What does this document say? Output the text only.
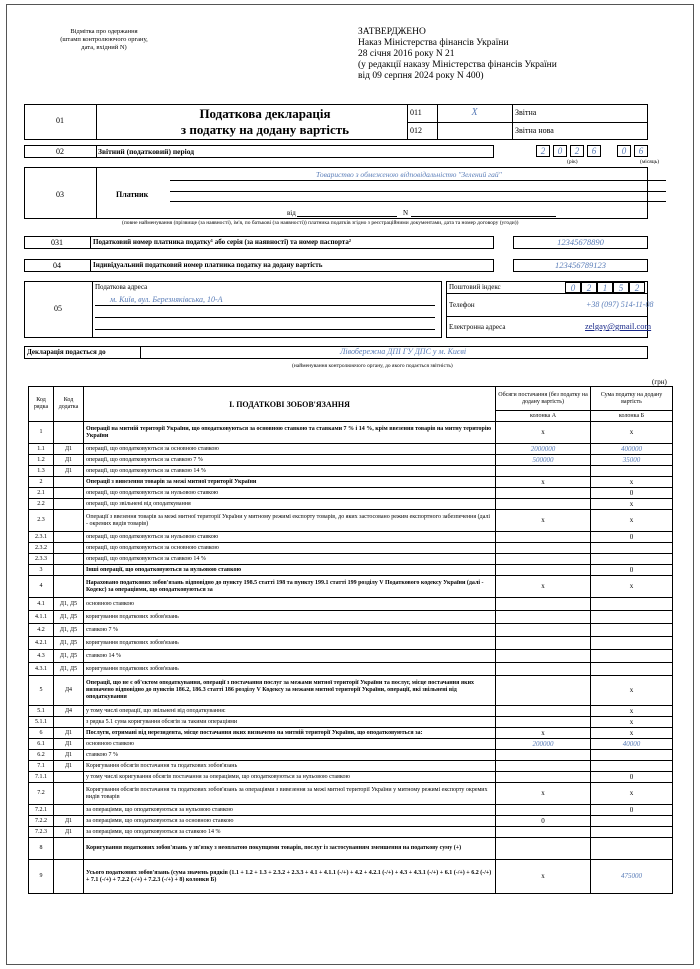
Відмітка про одержання
(штамп контролюючого органу,
дата, вхідний N)
ЗАТВЕРДЖЕНО
Наказ Міністерства фінансів України
28 січня 2016 року N 21
(у редакції наказу Міністерства фінансів України
від 09 серпня 2024 року N 400)
01	Податкова декларація
з податку на додану вартість
011	X	Звітна
012	Звітна нова
02	Звітний (податковий) період	2	0	2	6
(рік)
0	6
(місяць)
03	Платник
Товариство з обмеженою відповідальністю "Зелений гай"
від	N
(повне найменування (прізвище (за наявності), ім'я, по батькові (за наявності)) платника податків згідно з реєстраційними документами, дата та номер договору (угоди))
031	Податковий номер платника податку¹ або серія (за наявності) та номер паспорта²	12345678890
04	Індивідуальний податковий номер платника податку на додану вартість	123456789123
05
Податкова адреса
м. Київ, вул. Березняківська, 10-А
Поштовий індекс	0	2	1	5	2
Телефон	+38 (097) 514-11-08
Електронна адреса	zelgay@gmail.com
Декларація подається до	Лівобережна ДПІ ГУ ДПС у м. Києві
(найменування контролюючого органу, до якого подається звітність)
(грн)
Код рядка	Код додатка	I. ПОДАТКОВІ ЗОБОВ'ЯЗАННЯ	Обсяги постачання (без податку на додану вартість)	Сума податку на додану вартість
			колонка А	колонка Б
1		Операції на митній території України, що оподатковуються за основною ставкою та ставками 7 % і 14 %, крім ввезення товарів на митну територію України	x	x
1.1	Д1	операції, що оподатковуються за основною ставкою	2000000	400000
1.2	Д1	операції, що оподатковуються за ставкою 7 %	500000	35000
1.3	Д1	операції, що оподатковуються за ставкою 14 %		
2		Операції з вивезення товарів за межі митної території України	x	x
2.1		операції, що оподатковуються за нульовою ставкою		0
2.2		операції, що звільнені від оподаткування		x
2.3		Операції з ввезення товарів за межі митної території України у митному режимі експорту товарів, до яких застосовано режим експортного забезпечення (далі - окремих видів товарів)	x	x
2.3.1		операції, що оподатковуються за нульовою ставкою		0
2.3.2		операції, що оподатковуються за основною ставкою		
2.3.3		операції, що оподатковуються за ставкою 14 %		
3		Інші операції, що оподатковуються за нульовою ставкою		0
4		Нараховано податкових зобов'язань відповідно до пункту 198.5 статті 198 та пункту 199.1 статті 199 розділу V Податкового кодексу України (далі - Кодекс) за операціями, що оподатковуються за	x	x
4.1	Д1, Д5	основною ставкою		
4.1.1	Д1, Д5	коригування податкових зобов'язань		
4.2	Д1, Д5	ставкою 7 %		
4.2.1	Д1, Д5	коригування податкових зобов'язань		
4.3	Д1, Д5	ставкою 14 %		
4.3.1	Д1, Д5	коригування податкових зобов'язань		
5	Д4	Операції, що не є об'єктом оподаткування, операції з постачання послуг за межами митної території України та послуг, місце постачання яких визначено відповідно до пунктів 186.2, 186.3 статті 186 розділу V Кодексу за межами митної території України, операції, які звільнені від оподаткування		x
5.1	Д4	у тому числі операції, що звільнені від оподаткування:		x
5.1.1		з рядка 5.1 сума коригування обсягів за такими операціями		x
6	Д1	Послуги, отримані від нерезидента, місце постачання яких визначено на митній території України, що оподатковуються за:	x	x
6.1	Д1	основною ставкою	200000	40000
6.2	Д1	ставкою 7 %		
7.1	Д1	Коригування обсягів постачання та податкових зобов'язань		
7.1.1		у тому числі коригування обсягів постачання за операціями, що оподатковуються за нульовою ставкою		0
7.2		Коригування обсягів постачання та податкових зобов'язань за операціями з вивезення за межі митної території України у митному режимі експорту окремих видів товарів	x	x
7.2.1		за операціями, що оподатковуються за нульовою ставкою		0
7.2.2	Д1	за операціями, що оподатковуються за основною ставкою	0	
7.2.3	Д1	за операціями, що оподатковуються за ставкою 14 %		
8		Коригування податкових зобов'язань у зв'язку з неоплатою покупцями товарів, послуг із застосуванням зменшення на податкову суму (+)		
9		Усього податкових зобов'язань (сума значень рядків (1.1 + 1.2 + 1.3 + 2.3.2 + 2.3.3 + 4.1 + 4.1.1 (-/+) + 4.2 + 4.2.1 (-/+) + 4.3 + 4.3.1 (-/+) + 6.1 (-/+) + 6.2 (-/+) + 7.1 (-/+) + 7.2.2 (-/+) + 7.2.3 (-/+) + 8) колонки Б)	x	475000
